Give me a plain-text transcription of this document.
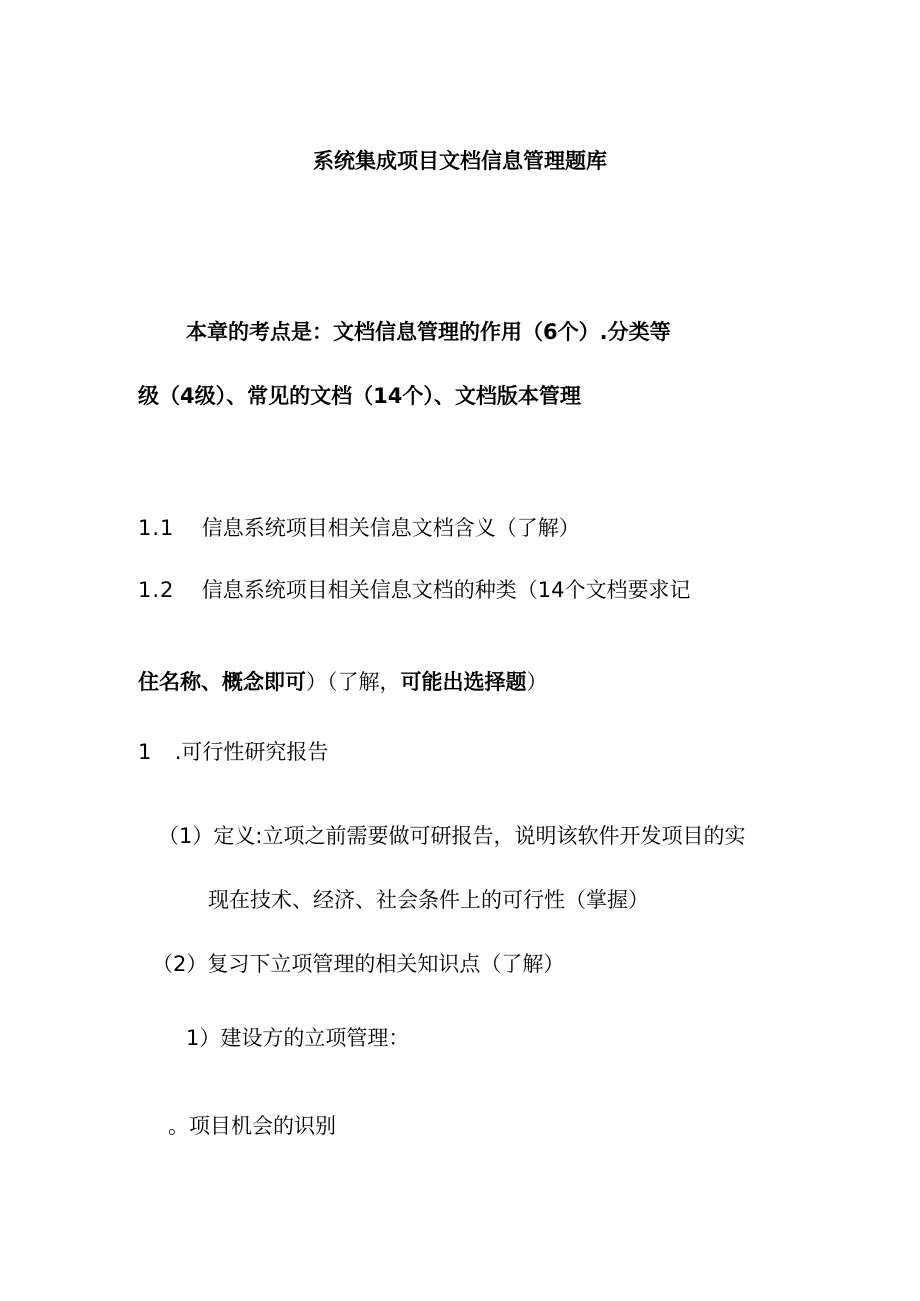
系统集成项目文档信息管理题库
本章的考点是：文档信息管理的作用（6个）.分类等
级（4级）、常见的文档（14个）、文档版本管理
1.1 信息系统项目相关信息文档含义（了解）
1.2 信息系统项目相关信息文档的种类（14个文档要求记
住名称、概念即可）（了解，可能出选择题）
1 .可行性研究报告
（1）定义:立项之前需要做可研报告，说明该软件开发项目的实
现在技术、经济、社会条件上的可行性（掌握）
（2）复习下立项管理的相关知识点（了解）
1）建设方的立项管理：
。项目机会的识别
